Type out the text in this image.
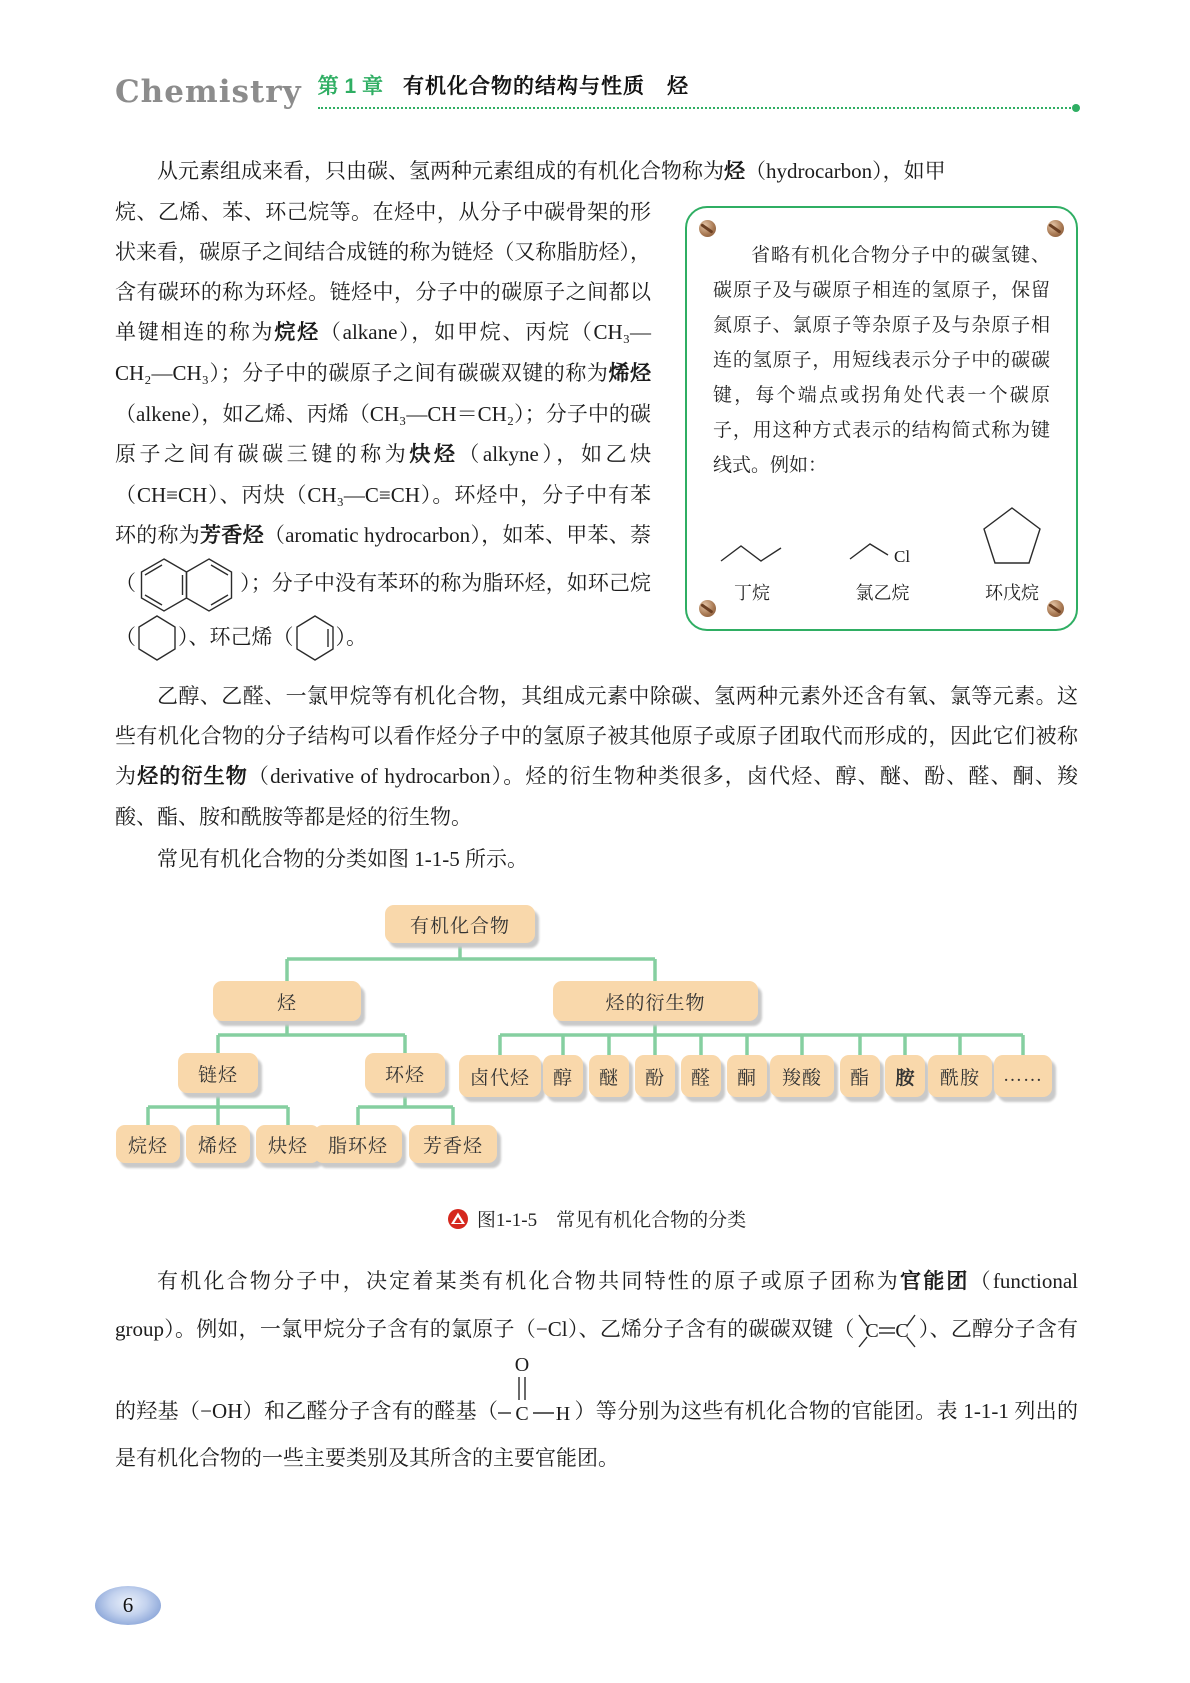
Chemistry 第 1 章 有机化合物的结构与性质　烃

从元素组成来看，只由碳、氢两种元素组成的有机化合物称为烃（hydrocarbon），如甲

烷、乙烯、苯、环己烷等。在烃中，从分子中碳骨架的形状来看，碳原子之间结合成链的称为链烃（又称脂肪烃），含有碳环的称为环烃。链烃中，分子中的碳原子之间都以单键相连的称为烷烃（alkane），如甲烷、丙烷（CH₃—CH₂—CH₃）；分子中的碳原子之间有碳碳双键的称为烯烃（alkene），如乙烯、丙烯（CH₃—CH＝CH₂）；分子中的碳原子之间有碳碳三键的称为炔烃（alkyne），如乙炔（CH≡CH）、丙炔（CH₃—C≡CH）。环烃中，分子中有苯环的称为芳香烃（aromatic hydrocarbon），如苯、甲苯、萘（	）；分子中没有苯环的称为脂环烃，如环己烷（ ）、环己烯（ ）。

省略有机化合物分子中的碳氢键、碳原子及与碳原子相连的氢原子，保留氮原子、氯原子等杂原子及与杂原子相连的氢原子，用短线表示分子中的碳碳键，每个端点或拐角处代表一个碳原子，用这种方式表示的结构简式称为键线式。例如：

丁烷
Cl
氯乙烷	环戊烷

乙醇、乙醛、一氯甲烷等有机化合物，其组成元素中除碳、氢两种元素外还含有氧、氯等元素。这些有机化合物的分子结构可以看作烃分子中的氢原子被其他原子或原子团取代而形成的，因此它们被称为烃的衍生物（derivative of hydrocarbon）。烃的衍生物种类很多，卤代烃、醇、醚、酚、醛、酮、羧酸、酯、胺和酰胺等都是烃的衍生物。

常见有机化合物的分类如图 1-1-5 所示。

有机化合物
烃	烃的衍生物
链烃	环烃
烷烃	烯烃	炔烃	脂环烃	芳香烃
卤代烃	醇	醚	酚	醛	酮	羧酸	酯	胺	酰胺	……
图1-1-5　常见有机化合物的分类

有机化合物分子中，决定着某类有机化合物共同特性的原子或原子团称为官能团（functional group）。例如，一氯甲烷分子含有的氯原子（−Cl）、乙烯分子含有的碳碳双键（ C C ）、乙醇分子含有的羟基（−OH）和乙醛分子含有的醛基（
O
C H ）等分别为这些有机化合物的官能团。表 1-1-1 列出的是有机化合物的一些主要类别及其所含的主要官能团。

6
